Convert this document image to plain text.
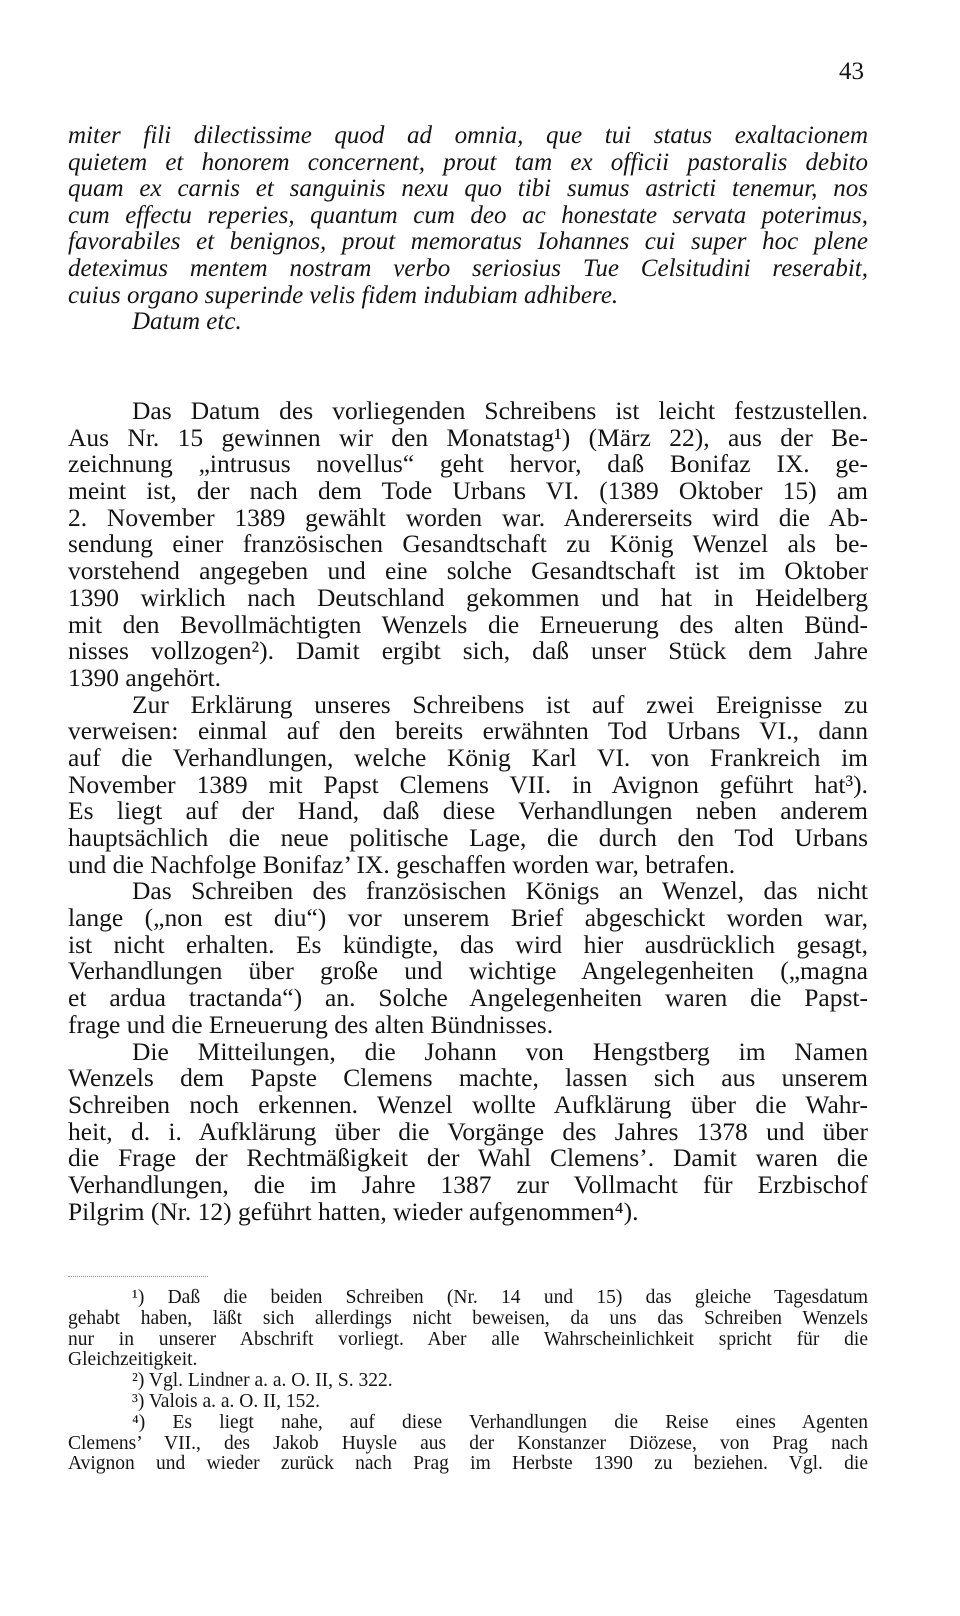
43
miter fili dilectissime quod ad omnia, que tui status exaltacionem
quietem et honorem concernent, prout tam ex officii pastoralis debito
quam ex carnis et sanguinis nexu quo tibi sumus astricti tenemur, nos
cum effectu reperies, quantum cum deo ac honestate servata poterimus,
favorabiles et benignos, prout memoratus Iohannes cui super hoc plene
deteximus mentem nostram verbo seriosius Tue Celsitudini reserabit,
cuius organo superinde velis fidem indubiam adhibere.
Datum etc.
Das Datum des vorliegenden Schreibens ist leicht festzustellen.
Aus Nr. 15 gewinnen wir den Monatstag¹) (März 22), aus der Be-
zeichnung „intrusus novellus“ geht hervor, daß Bonifaz IX. ge-
meint ist, der nach dem Tode Urbans VI. (1389 Oktober 15) am
2. November 1389 gewählt worden war. Andererseits wird die Ab-
sendung einer französischen Gesandtschaft zu König Wenzel als be-
vorstehend angegeben und eine solche Gesandtschaft ist im Oktober
1390 wirklich nach Deutschland gekommen und hat in Heidelberg
mit den Bevollmächtigten Wenzels die Erneuerung des alten Bünd-
nisses vollzogen²). Damit ergibt sich, daß unser Stück dem Jahre
1390 angehört.
Zur Erklärung unseres Schreibens ist auf zwei Ereignisse zu
verweisen: einmal auf den bereits erwähnten Tod Urbans VI., dann
auf die Verhandlungen, welche König Karl VI. von Frankreich im
November 1389 mit Papst Clemens VII. in Avignon geführt hat³).
Es liegt auf der Hand, daß diese Verhandlungen neben anderem
hauptsächlich die neue politische Lage, die durch den Tod Urbans
und die Nachfolge Bonifaz’ IX. geschaffen worden war, betrafen.
Das Schreiben des französischen Königs an Wenzel, das nicht
lange („non est diu“) vor unserem Brief abgeschickt worden war,
ist nicht erhalten. Es kündigte, das wird hier ausdrücklich gesagt,
Verhandlungen über große und wichtige Angelegenheiten („magna
et ardua tractanda“) an. Solche Angelegenheiten waren die Papst-
frage und die Erneuerung des alten Bündnisses.
Die Mitteilungen, die Johann von Hengstberg im Namen
Wenzels dem Papste Clemens machte, lassen sich aus unserem
Schreiben noch erkennen. Wenzel wollte Aufklärung über die Wahr-
heit, d. i. Aufklärung über die Vorgänge des Jahres 1378 und über
die Frage der Rechtmäßigkeit der Wahl Clemens’. Damit waren die
Verhandlungen, die im Jahre 1387 zur Vollmacht für Erzbischof
Pilgrim (Nr. 12) geführt hatten, wieder aufgenommen⁴).
¹) Daß die beiden Schreiben (Nr. 14 und 15) das gleiche Tagesdatum
gehabt haben, läßt sich allerdings nicht beweisen, da uns das Schreiben Wenzels
nur in unserer Abschrift vorliegt. Aber alle Wahrscheinlichkeit spricht für die
Gleichzeitigkeit.
²) Vgl. Lindner a. a. O. II, S. 322.
³) Valois a. a. O. II, 152.
⁴) Es liegt nahe, auf diese Verhandlungen die Reise eines Agenten
Clemens’ VII., des Jakob Huysle aus der Konstanzer Diözese, von Prag nach
Avignon und wieder zurück nach Prag im Herbste 1390 zu beziehen. Vgl. die
